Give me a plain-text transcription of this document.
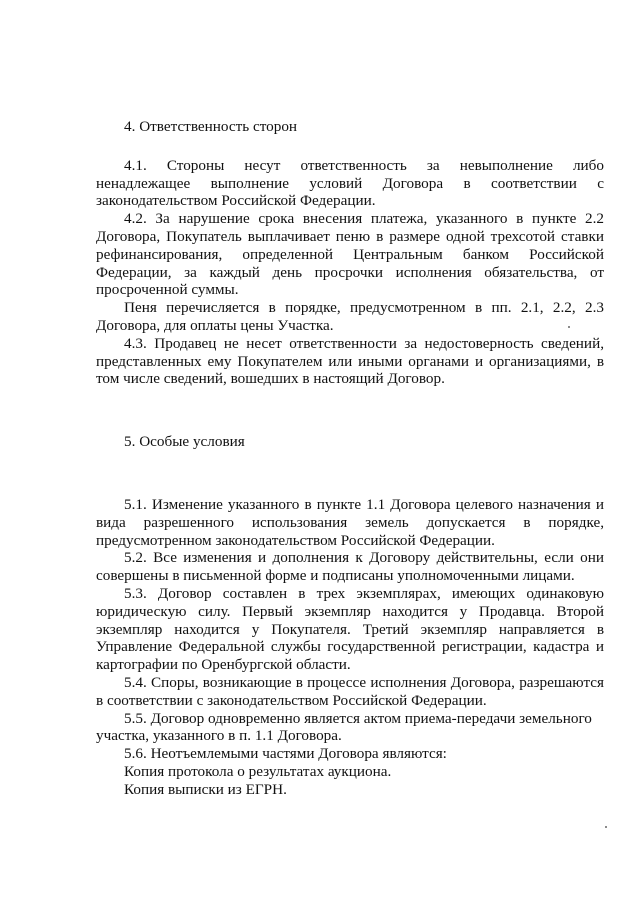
4. Ответственность сторон

4.1. Стороны несут ответственность за невыполнение либо ненадлежащее выполнение условий Договора в соответствии с законодательством Российской Федерации.

4.2. За нарушение срока внесения платежа, указанного в пункте 2.2 Договора, Покупатель выплачивает пеню в размере одной трехсотой ставки рефинансирования, определенной Центральным банком Российской Федерации, за каждый день просрочки исполнения обязательства, от просроченной суммы.

Пеня перечисляется в порядке, предусмотренном в пп. 2.1, 2.2, 2.3 Договора, для оплаты цены Участка.

4.3. Продавец не несет ответственности за недостоверность сведений, представленных ему Покупателем или иными органами и организациями, в том числе сведений, вошедших в настоящий Договор.

5. Особые условия

5.1. Изменение указанного в пункте 1.1 Договора целевого назначения и вида разрешенного использования земель допускается в порядке, предусмотренном законодательством Российской Федерации.

5.2. Все изменения и дополнения к Договору действительны, если они совершены в письменной форме и подписаны уполномоченными лицами.

5.3. Договор составлен в трех экземплярах, имеющих одинаковую юридическую силу. Первый экземпляр находится у Продавца. Второй экземпляр находится у Покупателя. Третий экземпляр направляется в Управление Федеральной службы государственной регистрации, кадастра и картографии по Оренбургской области.

5.4. Споры, возникающие в процессе исполнения Договора, разрешаются в соответствии с законодательством Российской Федерации.

5.5. Договор одновременно является актом приема-передачи земельного участка, указанного в п. 1.1 Договора.

5.6. Неотъемлемыми частями Договора являются:

Копия протокола о результатах аукциона.

Копия выписки из ЕГРН.
